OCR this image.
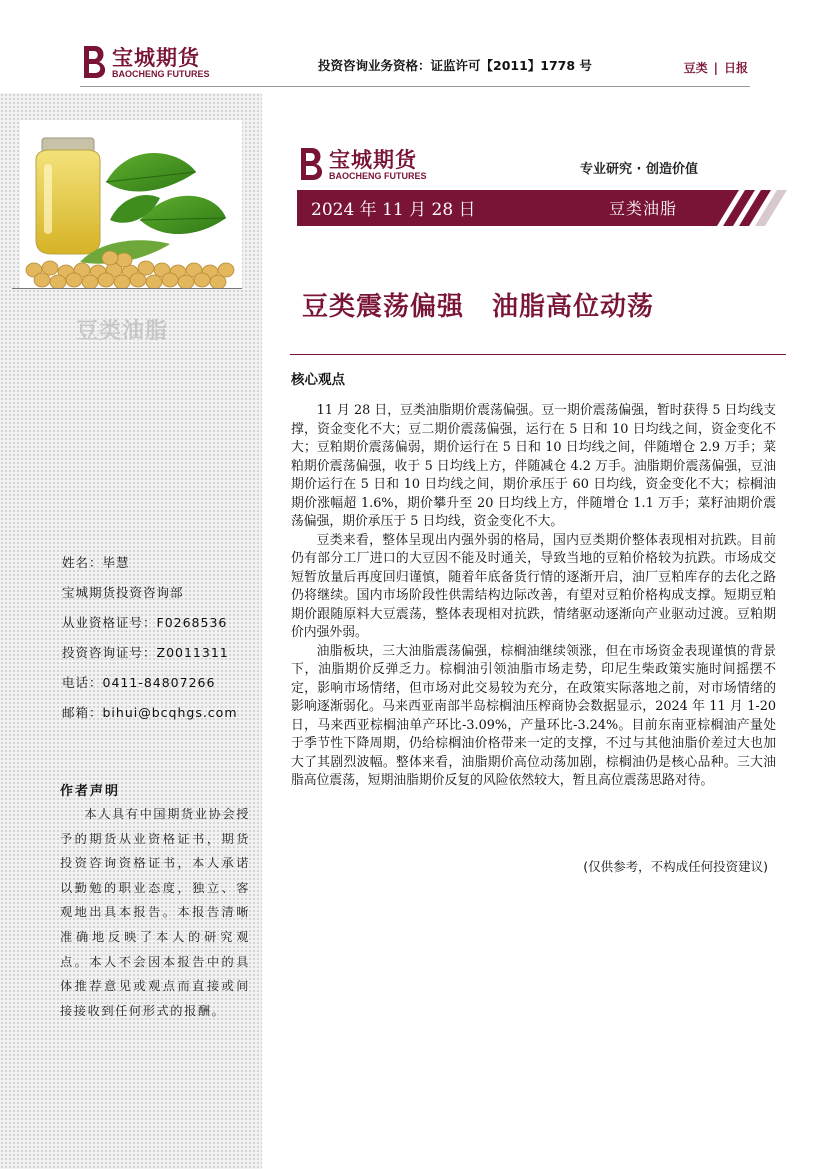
宝城期货
BAOCHENG FUTURES
投资咨询业务资格：证监许可【2011】1778 号	豆类 | 日报
豆类油脂
姓名：毕慧
宝城期货投资咨询部
从业资格证号：F0268536
投资咨询证号：Z0011311
电话：0411-84807266
邮箱：bihui@bcqhgs.com
作者声明
本人具有中国期货业协会授予的期货从业资格证书，期货投资咨询资格证书，本人承诺以勤勉的职业态度，独立、客观地出具本报告。本报告清晰准确地反映了本人的研究观点。本人不会因本报告中的具体推荐意见或观点而直接或间接接收到任何形式的报酬。
宝城期货
BAOCHENG FUTURES	专业研究 · 创造价值
2024 年 11 月 28 日	豆类油脂
豆类震荡偏强 油脂高位动荡
核心观点

11 月 28 日，豆类油脂期价震荡偏强。豆一期价震荡偏强，暂时获得 5 日均线支撑，资金变化不大；豆二期价震荡偏强，运行在 5 日和 10 日均线之间，资金变化不大；豆粕期价震荡偏弱，期价运行在 5 日和 10 日均线之间，伴随增仓 2.9 万手；菜粕期价震荡偏强，收于 5 日均线上方，伴随减仓 4.2 万手。油脂期价震荡偏强，豆油期价运行在 5 日和 10 日均线之间，期价承压于 60 日均线，资金变化不大；棕榈油期价涨幅超 1.6%，期价攀升至 20 日均线上方，伴随增仓 1.1 万手；菜籽油期价震荡偏强，期价承压于 5 日均线，资金变化不大。

豆类来看，整体呈现出内强外弱的格局，国内豆类期价整体表现相对抗跌。目前仍有部分工厂进口的大豆因不能及时通关，导致当地的豆粕价格较为抗跌。市场成交短暂放量后再度回归谨慎，随着年底备货行情的逐渐开启，油厂豆粕库存的去化之路仍将继续。国内市场阶段性供需结构边际改善，有望对豆粕价格构成支撑。短期豆粕期价跟随原料大豆震荡，整体表现相对抗跌，情绪驱动逐渐向产业驱动过渡。豆粕期价内强外弱。

油脂板块，三大油脂震荡偏强，棕榈油继续领涨，但在市场资金表现谨慎的背景下，油脂期价反弹乏力。棕榈油引领油脂市场走势，印尼生柴政策实施时间摇摆不定，影响市场情绪，但市场对此交易较为充分，在政策实际落地之前，对市场情绪的影响逐渐弱化。马来西亚南部半岛棕榈油压榨商协会数据显示，2024 年 11 月 1-20 日，马来西亚棕榈油单产环比-3.09%，产量环比-3.24%。目前东南亚棕榈油产量处于季节性下降周期，仍给棕榈油价格带来一定的支撑，不过与其他油脂价差过大也加大了其剧烈波幅。整体来看，油脂期价高位动荡加剧，棕榈油仍是核心品种。三大油脂高位震荡，短期油脂期价反复的风险依然较大，暂且高位震荡思路对待。

(仅供参考，不构成任何投资建议)
